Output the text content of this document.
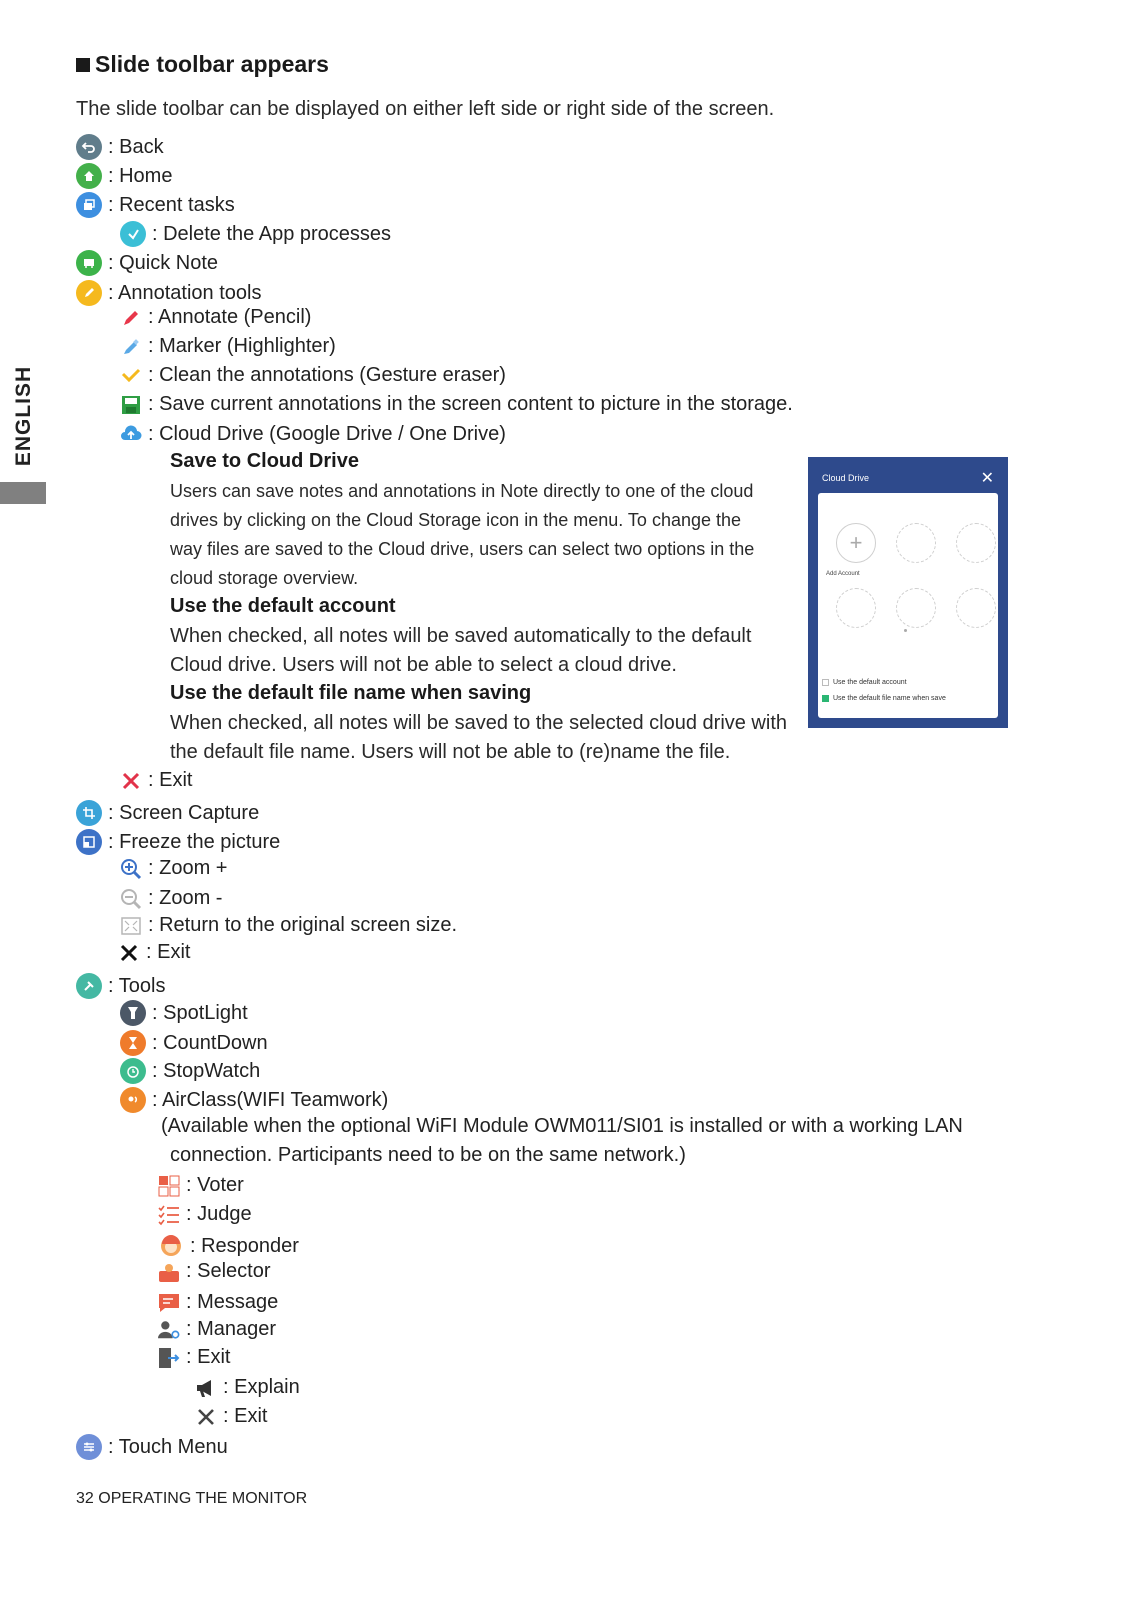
ENGLISH
Slide toolbar appears
The slide toolbar can be displayed on either left side or right side of the screen.
: Back
: Home
: Recent tasks
: Delete the App processes
: Quick Note
: Annotation tools
: Annotate (Pencil)
: Marker (Highlighter)
: Clean the annotations (Gesture eraser)
: Save current annotations in the screen content to picture in the storage.
: Cloud Drive (Google Drive / One Drive)
Save to Cloud Drive
Users can save notes and annotations in Note directly to one of the cloud drives by clicking on the Cloud Storage icon in the menu. To change the way files are saved to the Cloud drive, users can select two options in the cloud storage overview.
Use the default account
When checked, all notes will be saved automatically to the default Cloud drive. Users will not be able to select a cloud drive.
Use the default file name when saving
When checked, all notes will be saved to the selected cloud drive with the default file name. Users will not be able to (re)name the file.
Cloud Drive	✕
+
Add Account
Use the default account
Use the default file name when save
: Exit
: Screen Capture
: Freeze the picture
: Zoom +
: Zoom -
: Return to the original screen size.
: Exit
: Tools
: SpotLight
: CountDown
: StopWatch
: AirClass(WIFI Teamwork)
(Available when the optional WiFI Module OWM011/SI01 is installed or with a working LAN
connection. Participants need to be on the same network.)
: Voter
: Judge
: Responder
: Selector
: Message
: Manager
: Exit
: Explain
: Exit
: Touch Menu
32 OPERATING THE MONITOR
